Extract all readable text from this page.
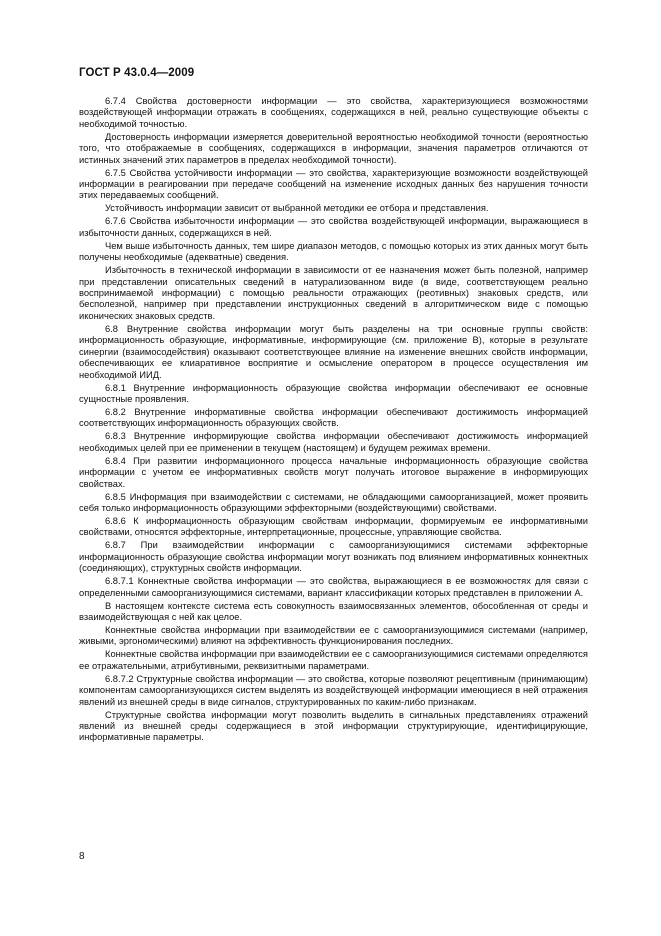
ГОСТ Р 43.0.4—2009

6.7.4 Свойства достоверности информации — это свойства, характеризующиеся возможностями воздействующей информации отражать в сообщениях, содержащихся в ней, реально существующие объекты с необходимой точностью.

Достоверность информации измеряется доверительной вероятностью необходимой точности (вероятностью того, что отображаемые в сообщениях, содержащихся в информации, значения параметров отличаются от истинных значений этих параметров в пределах необходимой точности).

6.7.5 Свойства устойчивости информации — это свойства, характеризующие возможности воздействующей информации в реагировании при передаче сообщений на изменение исходных данных без нарушения точности этих передаваемых сообщений.

Устойчивость информации зависит от выбранной методики ее отбора и представления.

6.7.6 Свойства избыточности информации — это свойства воздействующей информации, выражающиеся в избыточности данных, содержащихся в ней.

Чем выше избыточность данных, тем шире диапазон методов, с помощью которых из этих данных могут быть получены необходимые (адекватные) сведения.

Избыточность в технической информации в зависимости от ее назначения может быть полезной, например при представлении описательных сведений в натурализованном виде (в виде, соответствующем реально воспринимаемой информации) с помощью реальности отражающих (реотивных) знаковых средств, или бесполезной, например при представлении инструкционных сведений в алгоритмическом виде с помощью иконических знаковых средств.

6.8 Внутренние свойства информации могут быть разделены на три основные группы свойств: информационность образующие, информативные, информирующие (см. приложение В), которые в результате синергии (взаимосодействия) оказывают соответствующее влияние на изменение внешних свойств информации, обеспечивающих ее клиаративное восприятие и осмысление оператором в процессе осуществления им необходимой ИИД.

6.8.1 Внутренние информационность образующие свойства информации обеспечивают ее основные сущностные проявления.

6.8.2 Внутренние информативные свойства информации обеспечивают достижимость информацией соответствующих информационность образующих свойств.

6.8.3 Внутренние информирующие свойства информации обеспечивают достижимость информацией необходимых целей при ее применении в текущем (настоящем) и будущем режимах времени.

6.8.4 При развитии информационного процесса начальные информационность образующие свойства информации с учетом ее информативных свойств могут получать итоговое выражение в информирующих свойствах.

6.8.5 Информация при взаимодействии с системами, не обладающими самоорганизацией, может проявить себя только информационность образующими эффекторными (воздействующими) свойствами.

6.8.6 К информационность образующим свойствам информации, формируемым ее информативными свойствами, относятся эффекторные, интерпретационные, процессные, управляющие свойства.

6.8.7 При взаимодействии информации с самоорганизующимися системами эффекторные информационность образующие свойства информации могут возникать под влиянием информативных коннектных (соединяющих), структурных свойств информации.

6.8.7.1 Коннектные свойства информации — это свойства, выражающиеся в ее возможностях для связи с определенными самоорганизующимися системами, вариант классификации которых представлен в приложении А.

В настоящем контексте система есть совокупность взаимосвязанных элементов, обособленная от среды и взаимодействующая с ней как целое.

Коннектные свойства информации при взаимодействии ее с самоорганизующимися системами (например, живыми, эргономическими) влияют на эффективность функционирования последних.

Коннектные свойства информации при взаимодействии ее с самоорганизующимися системами определяются ее отражательными, атрибутивными, реквизитными параметрами.

6.8.7.2 Структурные свойства информации — это свойства, которые позволяют рецептивным (принимающим) компонентам самоорганизующихся систем выделять из воздействующей информации имеющиеся в ней отражения явлений из внешней среды в виде сигналов, структурированных по каким-либо признакам.

Структурные свойства информации могут позволить выделить в сигнальных представлениях отражений явлений из внешней среды содержащиеся в этой информации структурирующие, идентифицирующие, информативные параметры.

8
